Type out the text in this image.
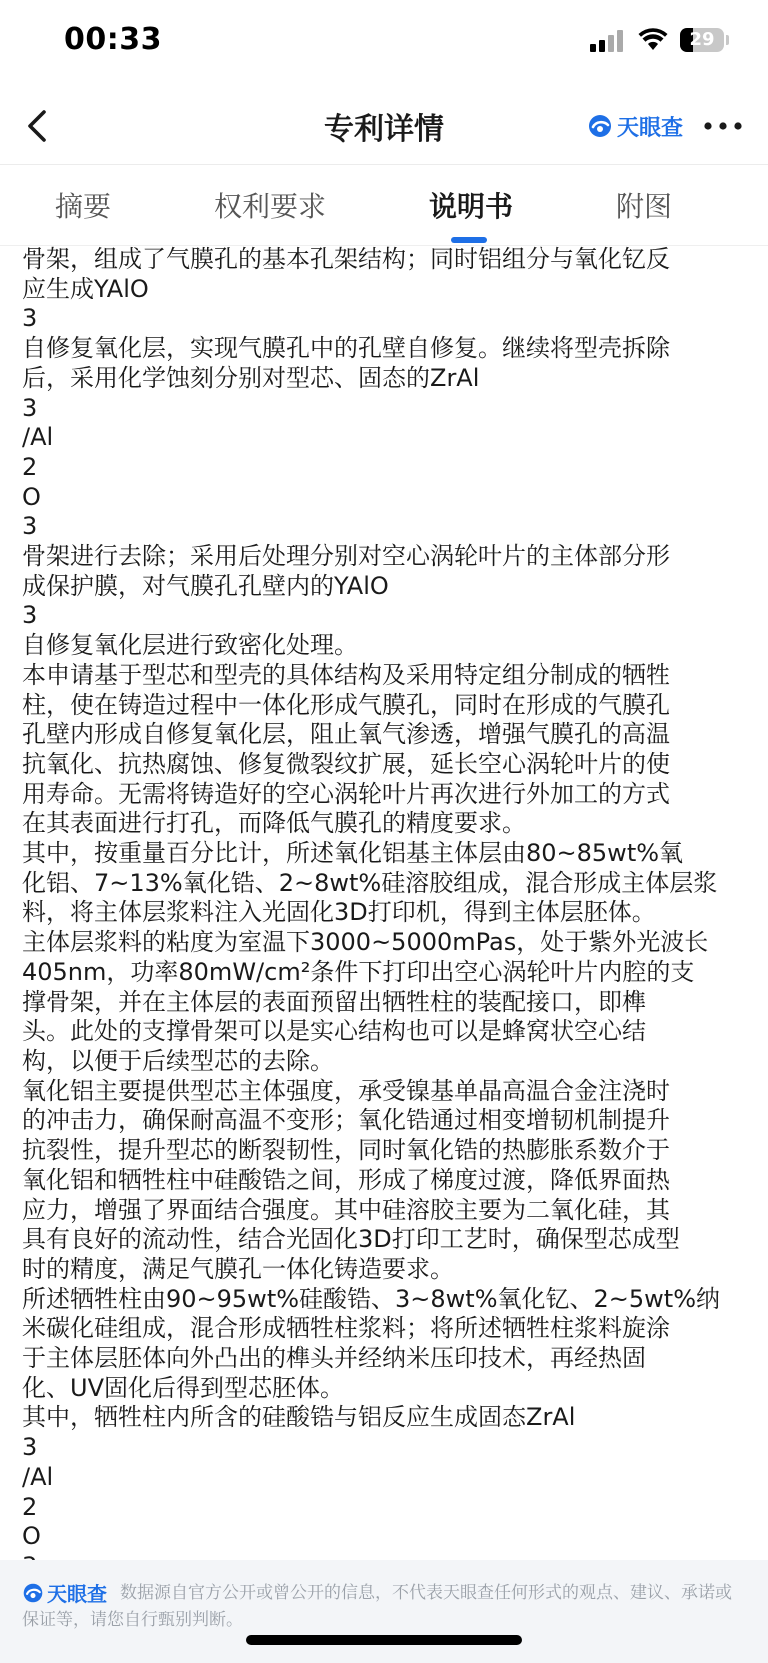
00:33	29
专利详情	天眼查
摘要	权利要求	说明书	附图
骨架，组成了气膜孔的基本孔架结构；同时铝组分与氧化钇反
应生成YAlO
3
自修复氧化层，实现气膜孔中的孔壁自修复。继续将型壳拆除
后，采用化学蚀刻分别对型芯、固态的ZrAl
3
/Al
2
O
3
骨架进行去除；采用后处理分别对空心涡轮叶片的主体部分形
成保护膜，对气膜孔孔壁内的YAlO
3
自修复氧化层进行致密化处理。
本申请基于型芯和型壳的具体结构及采用特定组分制成的牺牲
柱，使在铸造过程中一体化形成气膜孔，同时在形成的气膜孔
孔壁内形成自修复氧化层，阻止氧气渗透，增强气膜孔的高温
抗氧化、抗热腐蚀、修复微裂纹扩展，延长空心涡轮叶片的使
用寿命。无需将铸造好的空心涡轮叶片再次进行外加工的方式
在其表面进行打孔，而降低气膜孔的精度要求。
其中，按重量百分比计，所述氧化铝基主体层由80~85wt%氧
化铝、7~13%氧化锆、2~8wt%硅溶胶组成，混合形成主体层浆
料，将主体层浆料注入光固化3D打印机，得到主体层胚体。
主体层浆料的粘度为室温下3000~5000mPas，处于紫外光波长
405nm，功率80mW/cm²条件下打印出空心涡轮叶片内腔的支
撑骨架，并在主体层的表面预留出牺牲柱的装配接口，即榫
头。此处的支撑骨架可以是实心结构也可以是蜂窝状空心结
构，以便于后续型芯的去除。
氧化铝主要提供型芯主体强度，承受镍基单晶高温合金注浇时
的冲击力，确保耐高温不变形；氧化锆通过相变增韧机制提升
抗裂性，提升型芯的断裂韧性，同时氧化锆的热膨胀系数介于
氧化铝和牺牲柱中硅酸锆之间，形成了梯度过渡，降低界面热
应力，增强了界面结合强度。其中硅溶胶主要为二氧化硅，其
具有良好的流动性，结合光固化3D打印工艺时，确保型芯成型
时的精度，满足气膜孔一体化铸造要求。
所述牺牲柱由90~95wt%硅酸锆、3~8wt%氧化钇、2~5wt%纳
米碳化硅组成，混合形成牺牲柱浆料；将所述牺牲柱浆料旋涂
于主体层胚体向外凸出的榫头并经纳米压印技术，再经热固
化、UV固化后得到型芯胚体。
其中，牺牲柱内所含的硅酸锆与铝反应生成固态ZrAl
3
/Al
2
O
天眼查 数据源自官方公开或曾公开的信息，不代表天眼查任何形式的观点、建议、承诺或保证等，请您自行甄别判断。
